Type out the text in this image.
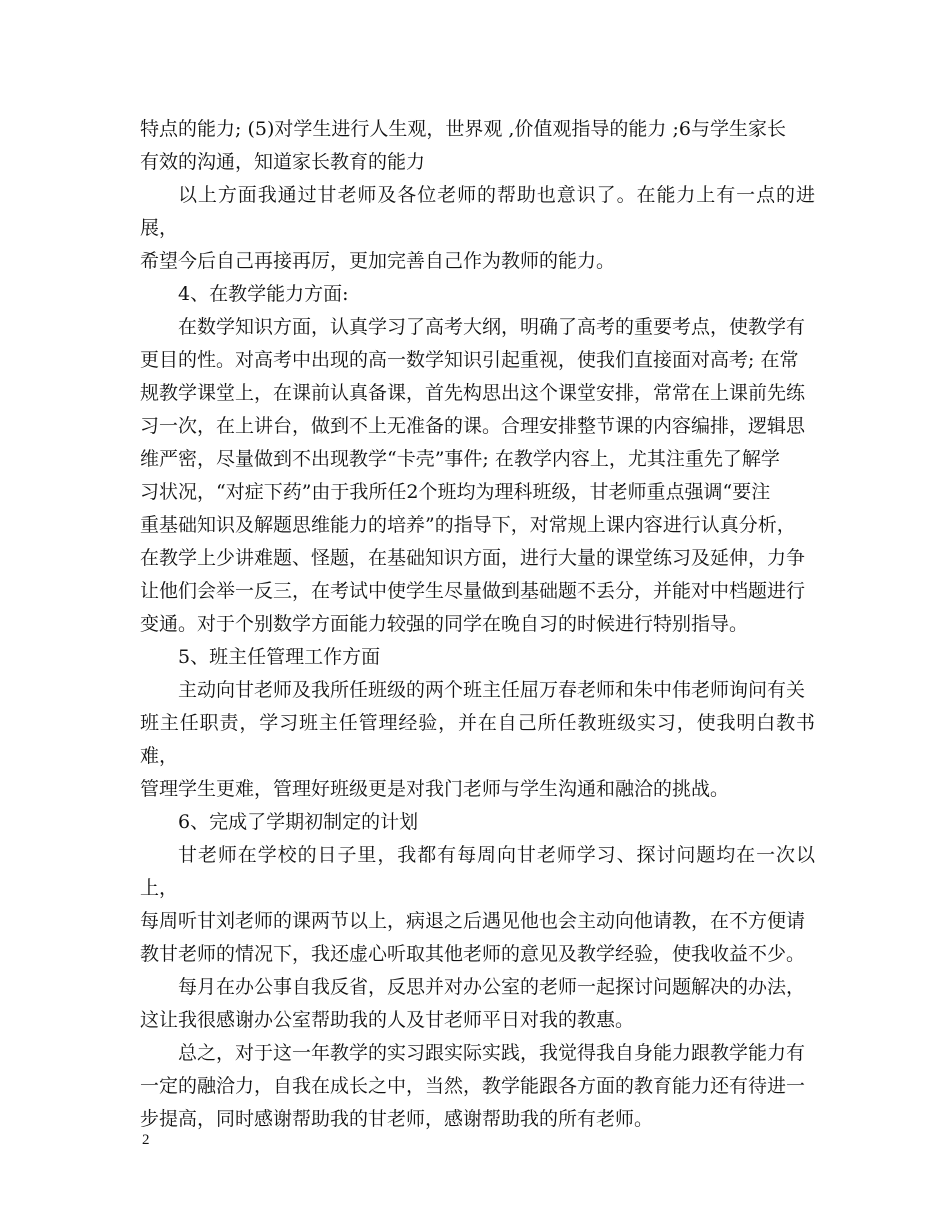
特点的能力; (5)对学生进行人生观，世界观 ,价值观指导的能力 ;6与学生家长
有效的沟通，知道家长教育的能力

以上方面我通过甘老师及各位老师的帮助也意识了。在能力上有一点的进展，
希望今后自己再接再厉，更加完善自己作为教师的能力。

4、在教学能力方面:

在数学知识方面，认真学习了高考大纲，明确了高考的重要考点，使教学有
更目的性。对高考中出现的高一数学知识引起重视，使我们直接面对高考; 在常
规教学课堂上，在课前认真备课，首先构思出这个课堂安排，常常在上课前先练
习一次，在上讲台，做到不上无准备的课。合理安排整节课的内容编排，逻辑思
维严密，尽量做到不出现教学“卡壳”事件; 在教学内容上，尤其注重先了解学
习状况，“对症下药”由于我所任2个班均为理科班级，甘老师重点强调“要注
重基础知识及解题思维能力的培养”的指导下，对常规上课内容进行认真分析，
在教学上少讲难题、怪题，在基础知识方面，进行大量的课堂练习及延伸，力争
让他们会举一反三，在考试中使学生尽量做到基础题不丢分，并能对中档题进行
变通。对于个别数学方面能力较强的同学在晚自习的时候进行特别指导。

5、班主任管理工作方面

主动向甘老师及我所任班级的两个班主任屈万春老师和朱中伟老师询问有关
班主任职责，学习班主任管理经验，并在自己所任教班级实习，使我明白教书难，
管理学生更难，管理好班级更是对我门老师与学生沟通和融洽的挑战。

6、完成了学期初制定的计划

甘老师在学校的日子里，我都有每周向甘老师学习、探讨问题均在一次以上，
每周听甘刘老师的课两节以上，病退之后遇见他也会主动向他请教，在不方便请
教甘老师的情况下，我还虚心听取其他老师的意见及教学经验，使我收益不少。

每月在办公事自我反省，反思并对办公室的老师一起探讨问题解决的办法，
这让我很感谢办公室帮助我的人及甘老师平日对我的教惠。

总之，对于这一年教学的实习跟实际实践，我觉得我自身能力跟教学能力有
一定的融洽力，自我在成长之中，当然，教学能跟各方面的教育能力还有待进一
步提高，同时感谢帮助我的甘老师，感谢帮助我的所有老师。

2
